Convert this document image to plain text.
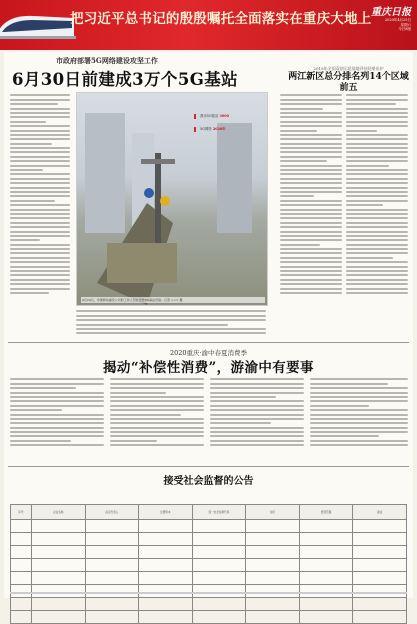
把习近平总书记的殷殷嘱托全面落实在重庆大地上 重庆日报
2020年4月25日
星期六
今日8版
市政府部署5G网络建设攻坚工作
6月30日前建成3万个5G基站
4月24日，中国移动重庆公司的工作人员在安装5G基站设备。记者 ××× 摄
我市5G基站 3000
5G网络 2020年
2019年全国双创示范基地评估结果出炉
两江新区总分排名列14个区域前五
2020重庆·渝中春夏消费季
揭动“补偿性消费”，游渝中有要事
接受社会监督的公告
序号	企业名称	法定代表人	注册资本	统一社会信用代码	住所	经营范围	备注
